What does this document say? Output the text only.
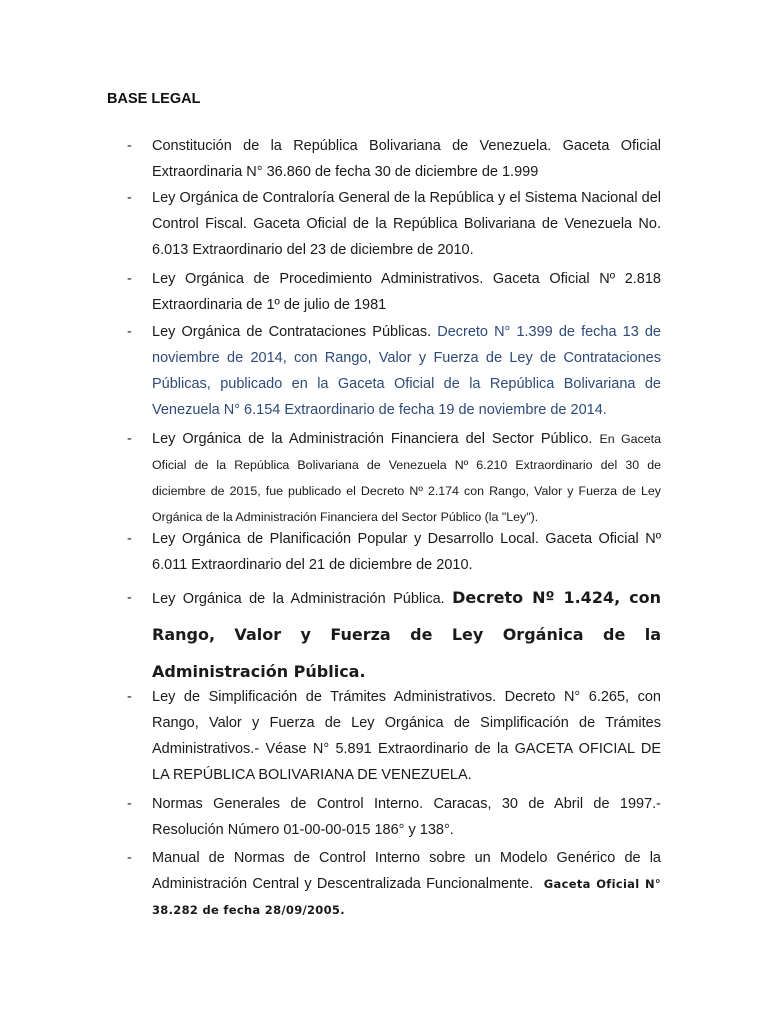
BASE LEGAL
- Constitución de la República Bolivariana de Venezuela. Gaceta Oficial Extraordinaria N° 36.860 de fecha 30 de diciembre de 1.999

- Ley Orgánica de Contraloría General de la República y el Sistema Nacional del Control Fiscal. Gaceta Oficial de la República Bolivariana de Venezuela No. 6.013 Extraordinario del 23 de diciembre de 2010.

- Ley Orgánica de Procedimiento Administrativos. Gaceta Oficial Nº 2.818 Extraordinaria de 1º de julio de 1981

- Ley Orgánica de Contrataciones Públicas. Decreto N° 1.399 de fecha 13 de noviembre de 2014, con Rango, Valor y Fuerza de Ley de Contrataciones Públicas, publicado en la Gaceta Oficial de la República Bolivariana de Venezuela N° 6.154 Extraordinario de fecha 19 de noviembre de 2014.

- Ley Orgánica de la Administración Financiera del Sector Público. En Gaceta Oficial de la República Bolivariana de Venezuela Nº 6.210 Extraordinario del 30 de diciembre de 2015, fue publicado el Decreto Nº 2.174 con Rango, Valor y Fuerza de Ley Orgánica de la Administración Financiera del Sector Público (la "Ley").

- Ley Orgánica de Planificación Popular y Desarrollo Local. Gaceta Oficial Nº 6.011 Extraordinario del 21 de diciembre de 2010.

- Ley Orgánica de la Administración Pública. Decreto Nº 1.424, con Rango, Valor y Fuerza de Ley Orgánica de la Administración Pública.

- Ley de Simplificación de Trámites Administrativos. Decreto N° 6.265, con Rango, Valor y Fuerza de Ley Orgánica de Simplificación de Trámites Administrativos.- Véase N° 5.891 Extraordinario de la GACETA OFICIAL DE LA REPÚBLICA BOLIVARIANA DE VENEZUELA.

- Normas Generales de Control Interno. Caracas, 30 de Abril de 1997.- Resolución Número 01-00-00-015 186° y 138°.

- Manual de Normas de Control Interno sobre un Modelo Genérico de la Administración Central y Descentralizada Funcionalmente. Gaceta Oficial N° 38.282 de fecha 28/09/2005.
